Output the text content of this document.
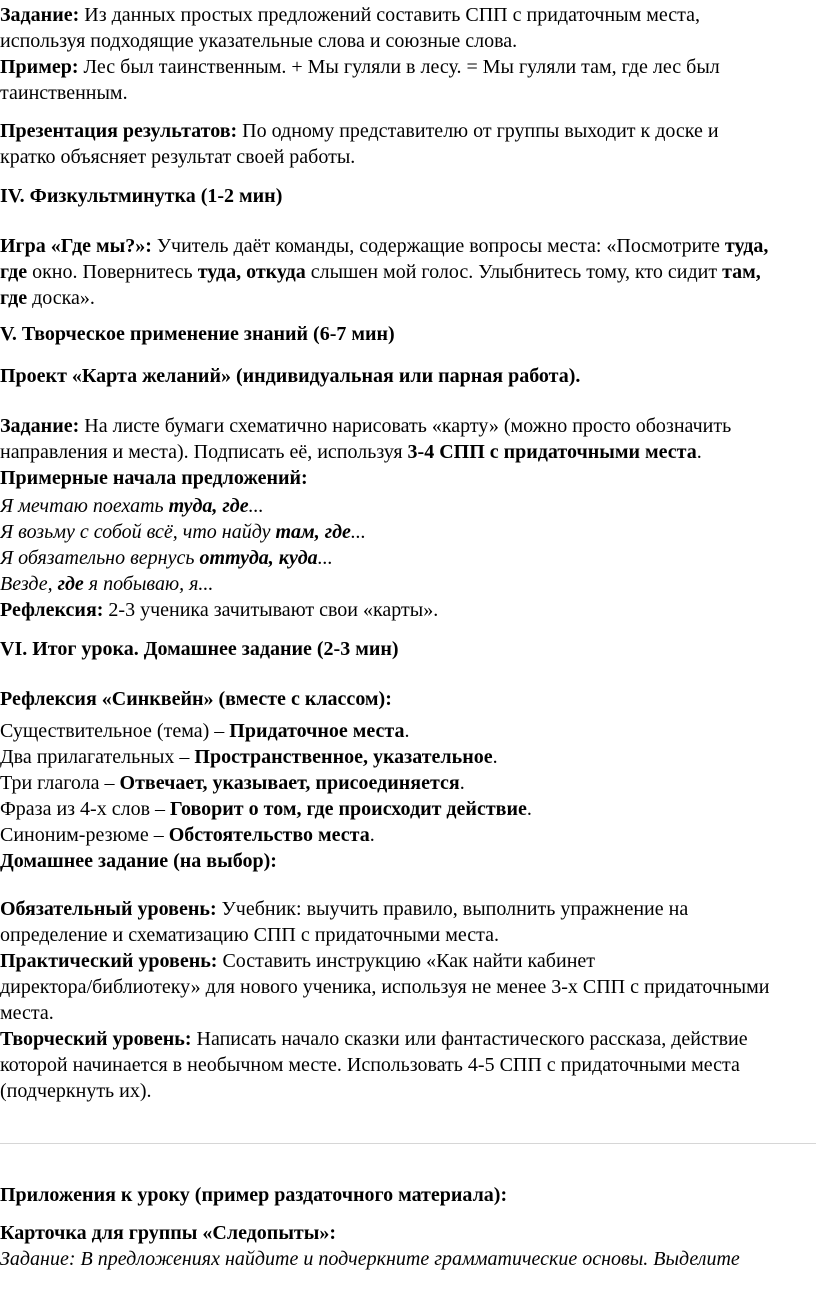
Задание: Из данных простых предложений составить СПП с придаточным места,
используя подходящие указательные слова и союзные слова.
Пример: Лес был таинственным. + Мы гуляли в лесу. = Мы гуляли там, где лес был
таинственным.
Презентация результатов: По одному представителю от группы выходит к доске и
кратко объясняет результат своей работы.
IV. Физкультминутка (1-2 мин)
Игра «Где мы?»: Учитель даёт команды, содержащие вопросы места: «Посмотрите туда,
где окно. Повернитесь туда, откуда слышен мой голос. Улыбнитесь тому, кто сидит там,
где доска».
V. Творческое применение знаний (6-7 мин)
Проект «Карта желаний» (индивидуальная или парная работа).
Задание: На листе бумаги схематично нарисовать «карту» (можно просто обозначить
направления и места). Подписать её, используя 3-4 СПП с придаточными места.
Примерные начала предложений:
Я мечтаю поехать туда, где...
Я возьму с собой всё, что найду там, где...
Я обязательно вернусь оттуда, куда...
Везде, где я побываю, я...
Рефлексия: 2-3 ученика зачитывают свои «карты».
VI. Итог урока. Домашнее задание (2-3 мин)
Рефлексия «Синквейн» (вместе с классом):
Существительное (тема) – Придаточное места.
Два прилагательных – Пространственное, указательное.
Три глагола – Отвечает, указывает, присоединяется.
Фраза из 4-х слов – Говорит о том, где происходит действие.
Синоним-резюме – Обстоятельство места.
Домашнее задание (на выбор):
Обязательный уровень: Учебник: выучить правило, выполнить упражнение на
определение и схематизацию СПП с придаточными места.
Практический уровень: Составить инструкцию «Как найти кабинет
директора/библиотеку» для нового ученика, используя не менее 3-х СПП с придаточными
места.
Творческий уровень: Написать начало сказки или фантастического рассказа, действие
которой начинается в необычном месте. Использовать 4-5 СПП с придаточными места
(подчеркнуть их).
Приложения к уроку (пример раздаточного материала):
Карточка для группы «Следопыты»:
Задание: В предложениях найдите и подчеркните грамматические основы. Выделите
